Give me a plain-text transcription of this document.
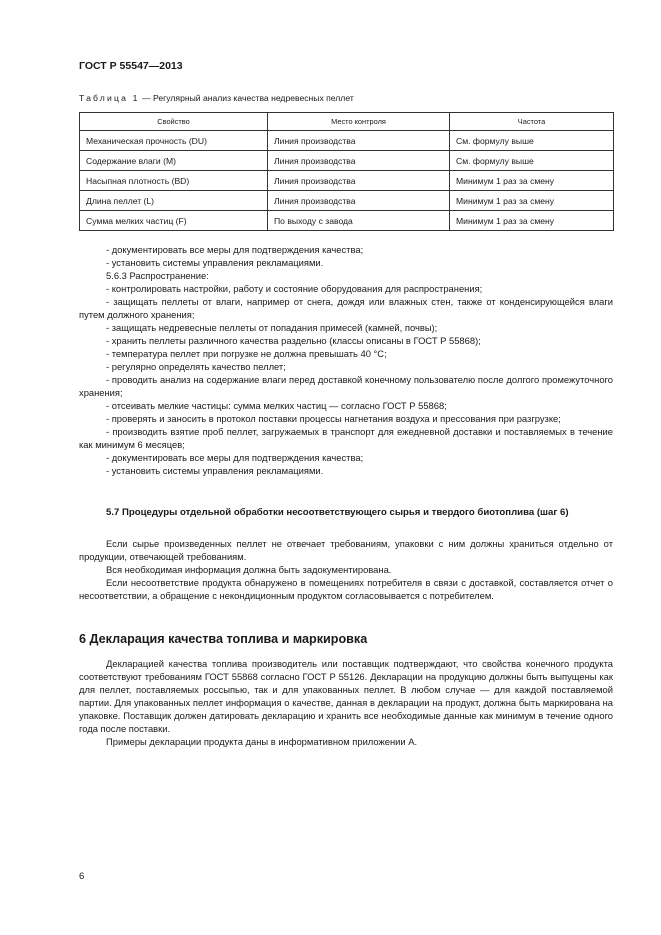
ГОСТ Р 55547—2013

Таблица 1 — Регулярный анализ качества недревесных пеллет

Свойство	Место контроля	Частота
Механическая прочность (DU)	Линия производства	См. формулу выше
Содержание влаги (М)	Линия производства	См. формулу выше
Насыпная плотность (BD)	Линия производства	Минимум 1 раз за смену
Длина пеллет (L)	Линия производства	Минимум 1 раз за смену
Сумма мелких частиц (F)	По выходу с завода	Минимум 1 раз за смену

- документировать все меры для подтверждения качества;

- установить системы управления рекламациями.

5.6.3 Распространение:

- контролировать настройки, работу и состояние оборудования для распространения;

- защищать пеллеты от влаги, например от снега, дождя или влажных стен, также от конденсирующейся влаги путем должного хранения;

- защищать недревесные пеллеты от попадания примесей (камней, почвы);

- хранить пеллеты различного качества раздельно (классы описаны в ГОСТ Р 55868);

- температура пеллет при погрузке не должна превышать 40 °С;

- регулярно определять качество пеллет;

- проводить анализ на содержание влаги перед доставкой конечному пользователю после долгого промежуточного хранения;

- отсеивать мелкие частицы: сумма мелких частиц — согласно ГОСТ Р 55868;

- проверять и заносить в протокол поставки процессы нагнетания воздуха и прессования при разгрузке;

- производить взятие проб пеллет, загружаемых в транспорт для ежедневной доставки и поставляемых в течение как минимум 6 месяцев;

- документировать все меры для подтверждения качества;

- установить системы управления рекламациями.

5.7 Процедуры отдельной обработки несоответствующего сырья и твердого биотоплива (шаг 6)

Если сырье произведенных пеллет не отвечает требованиям, упаковки с ним должны храниться отдельно от продукции, отвечающей требованиям.

Вся необходимая информация должна быть задокументирована.

Если несоответствие продукта обнаружено в помещениях потребителя в связи с доставкой, составляется отчет о несоответствии, а обращение с некондиционным продуктом согласовывается с потребителем.

6 Декларация качества топлива и маркировка

Декларацией качества топлива производитель или поставщик подтверждают, что свойства конечного продукта соответствуют требованиям ГОСТ 55868 согласно ГОСТ Р 55126. Декларации на продукцию должны быть выпущены как для пеллет, поставляемых россыпью, так и для упакованных пеллет. В любом случае — для каждой поставляемой партии. Для упакованных пеллет информация о качестве, данная в декларации на продукт, должна быть маркирована на упаковке. Поставщик должен датировать декларацию и хранить все необходимые данные как минимум в течение одного года после поставки.

Примеры декларации продукта даны в информативном приложении А.

6
